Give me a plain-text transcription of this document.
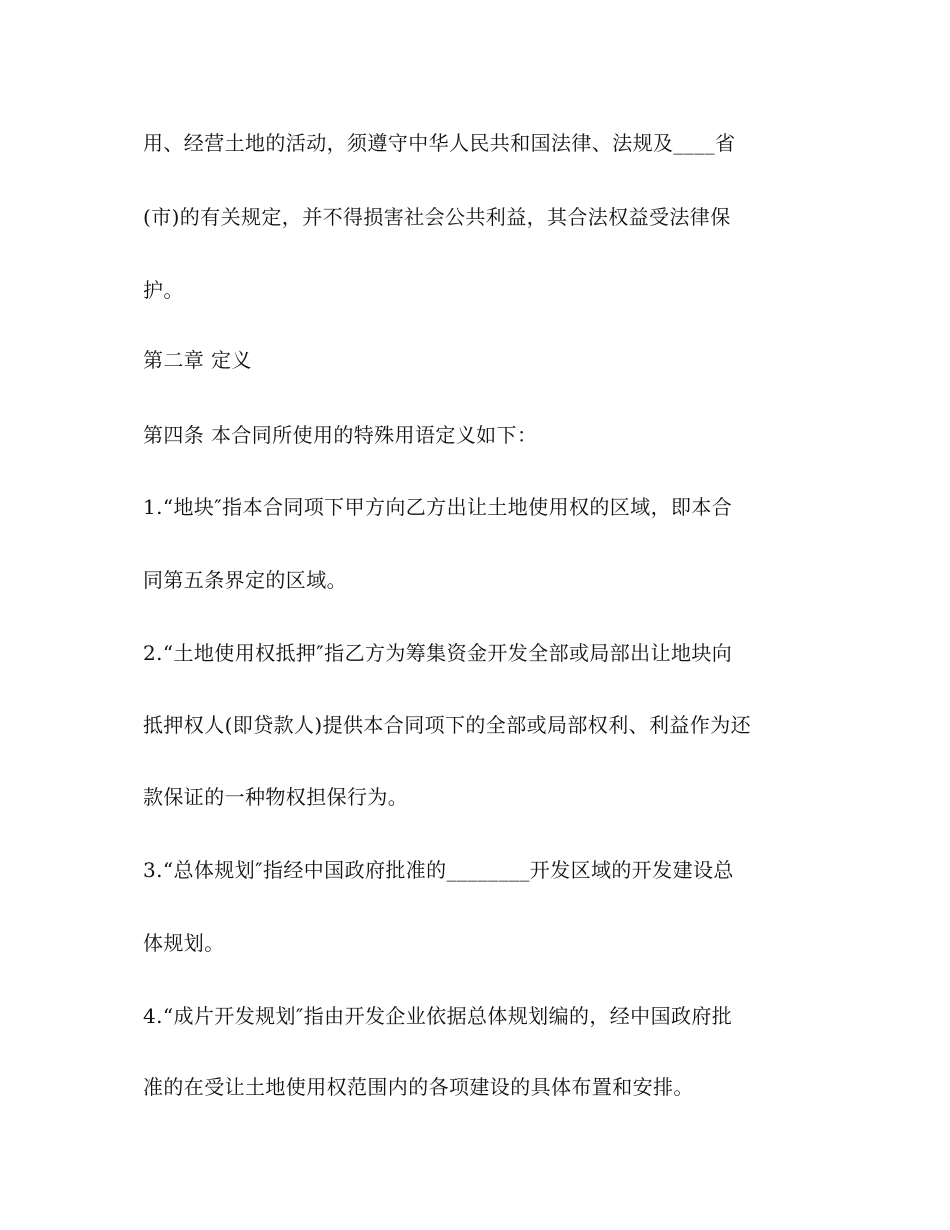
用、经营土地的活动，须遵守中华人民共和国法律、法规及____省
(市)的有关规定，并不得损害社会公共利益，其合法权益受法律保
护。
第二章 定义
第四条 本合同所使用的特殊用语定义如下：
1.“地块″指本合同项下甲方向乙方出让土地使用权的区域，即本合
同第五条界定的区域。
2.“土地使用权抵押″指乙方为筹集资金开发全部或局部出让地块向
抵押权人(即贷款人)提供本合同项下的全部或局部权利、利益作为还
款保证的一种物权担保行为。
3.“总体规划″指经中国政府批准的________开发区域的开发建设总
体规划。
4.“成片开发规划″指由开发企业依据总体规划编的，经中国政府批
准的在受让土地使用权范围内的各项建设的具体布置和安排。
